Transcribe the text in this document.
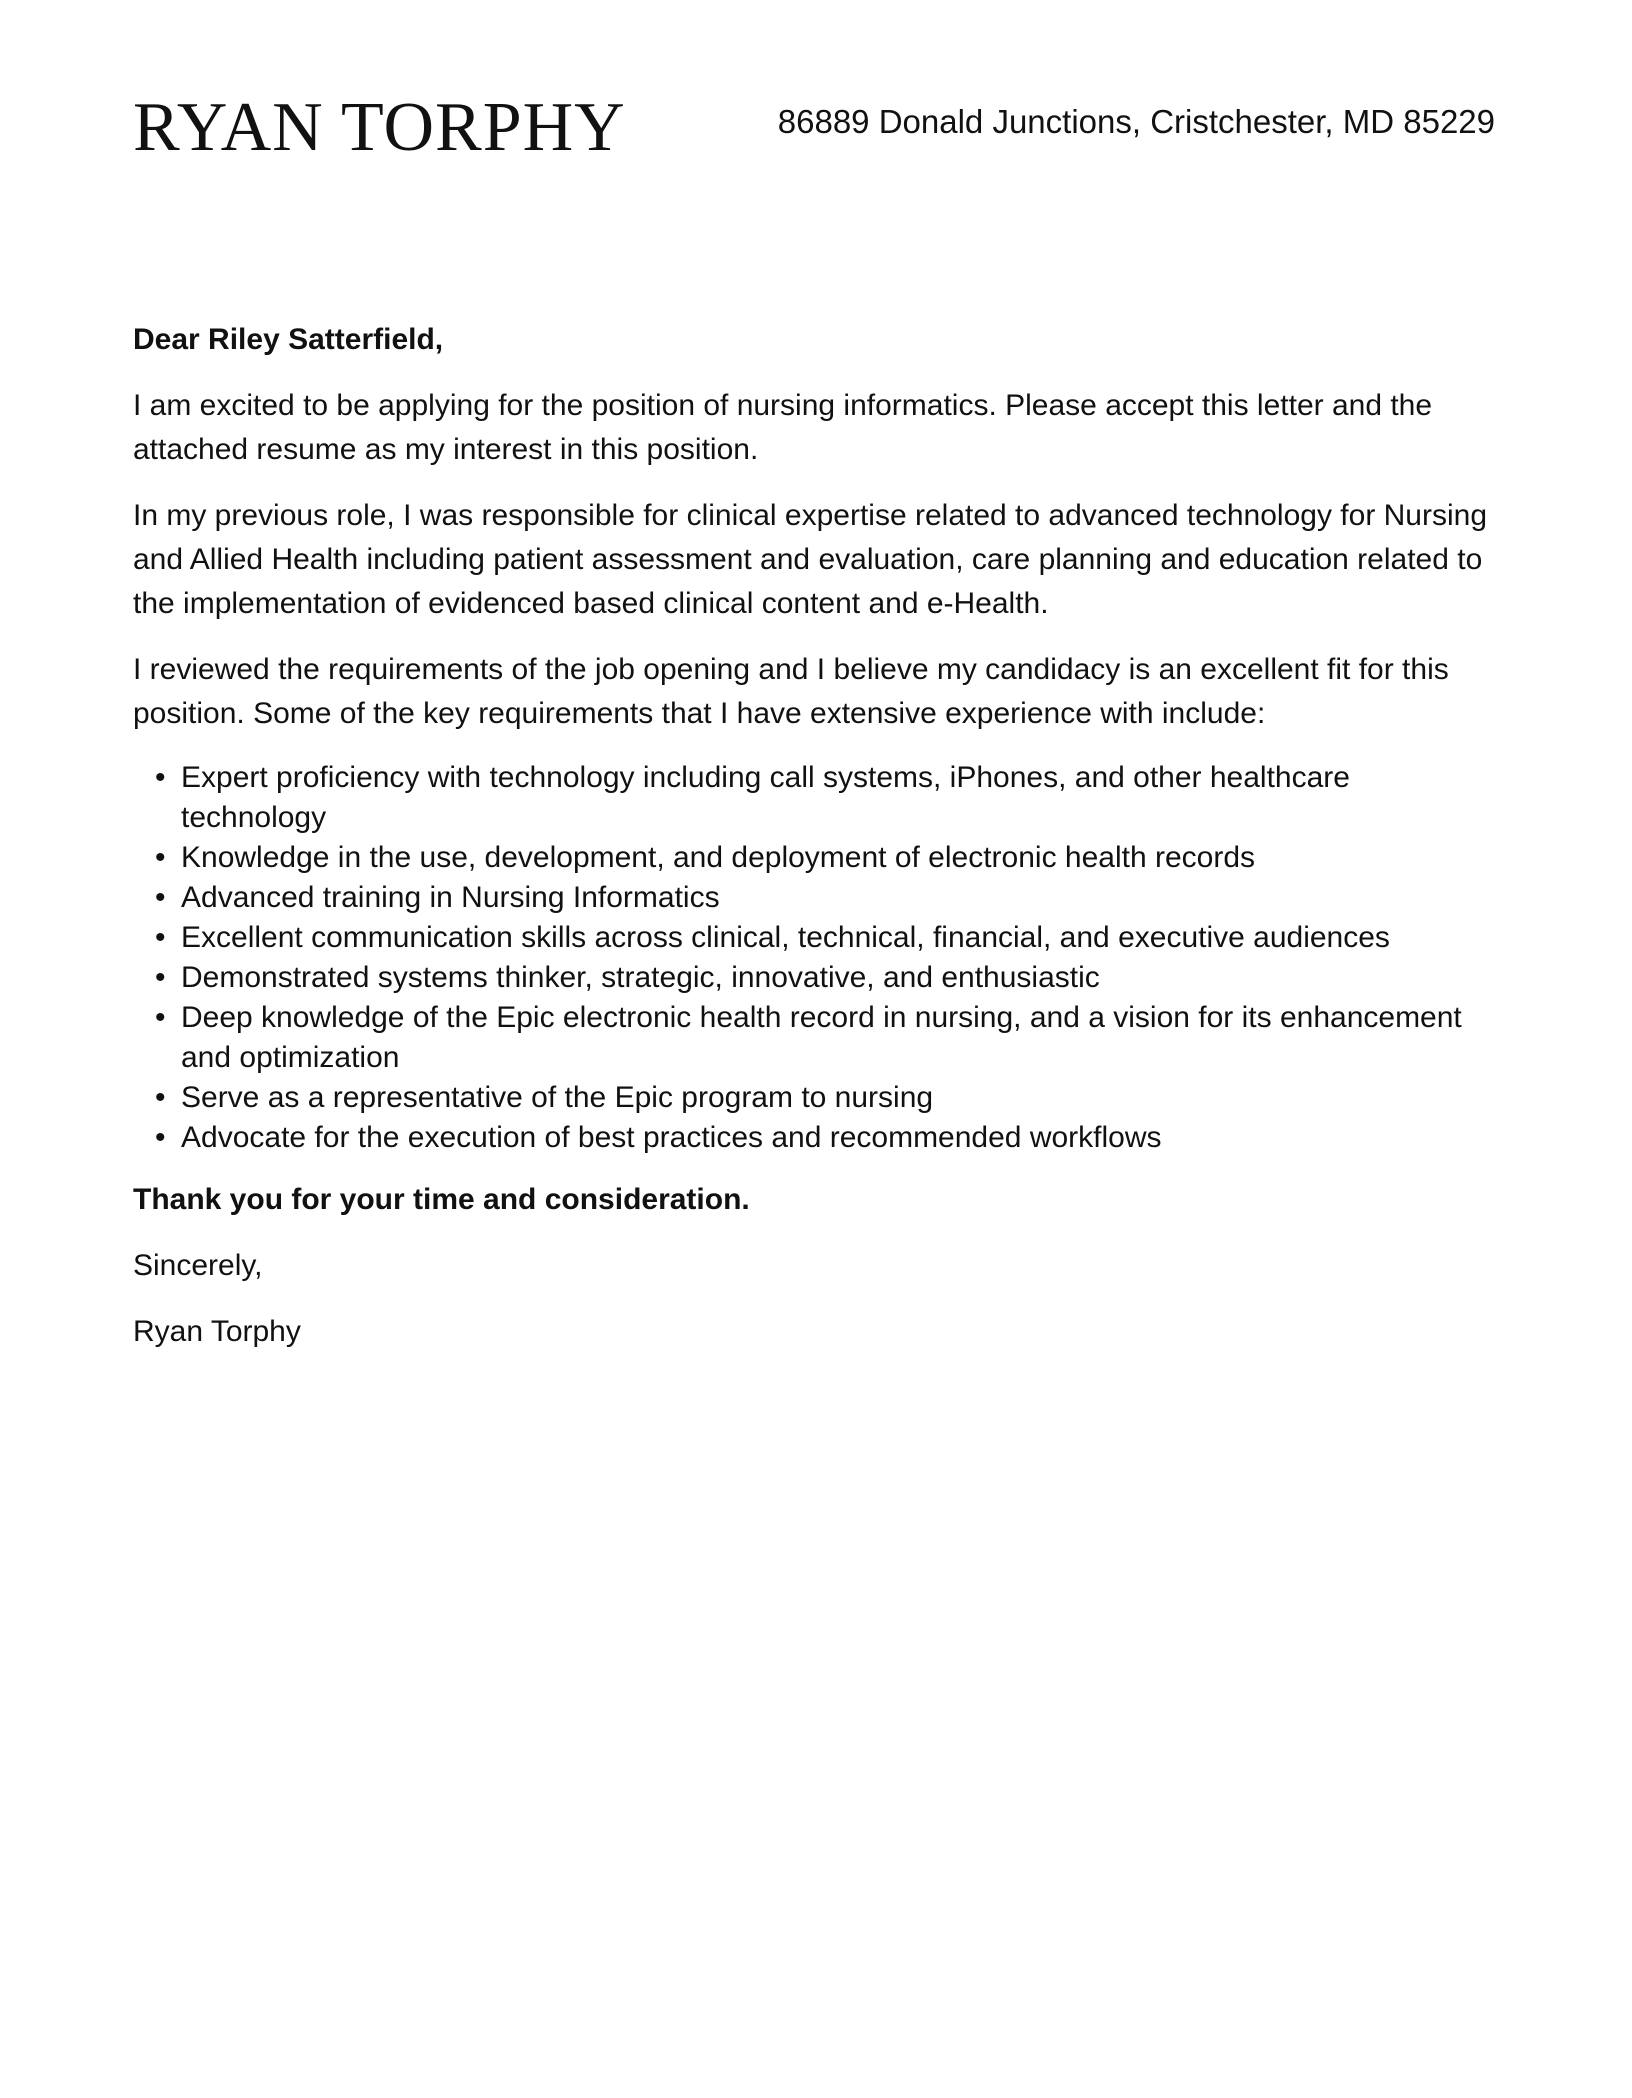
RYAN TORPHY	86889 Donald Junctions, Cristchester, MD 85229

Dear Riley Satterfield,

I am excited to be applying for the position of nursing informatics. Please accept this letter and the attached resume as my interest in this position.

In my previous role, I was responsible for clinical expertise related to advanced technology for Nursing and Allied Health including patient assessment and evaluation, care planning and education related to the implementation of evidenced based clinical content and e-Health.

I reviewed the requirements of the job opening and I believe my candidacy is an excellent fit for this position. Some of the key requirements that I have extensive experience with include:

• Expert proficiency with technology including call systems, iPhones, and other healthcare technology
• Knowledge in the use, development, and deployment of electronic health records
• Advanced training in Nursing Informatics
• Excellent communication skills across clinical, technical, financial, and executive audiences
• Demonstrated systems thinker, strategic, innovative, and enthusiastic
• Deep knowledge of the Epic electronic health record in nursing, and a vision for its enhancement and optimization
• Serve as a representative of the Epic program to nursing
• Advocate for the execution of best practices and recommended workflows

Thank you for your time and consideration.

Sincerely,

Ryan Torphy
